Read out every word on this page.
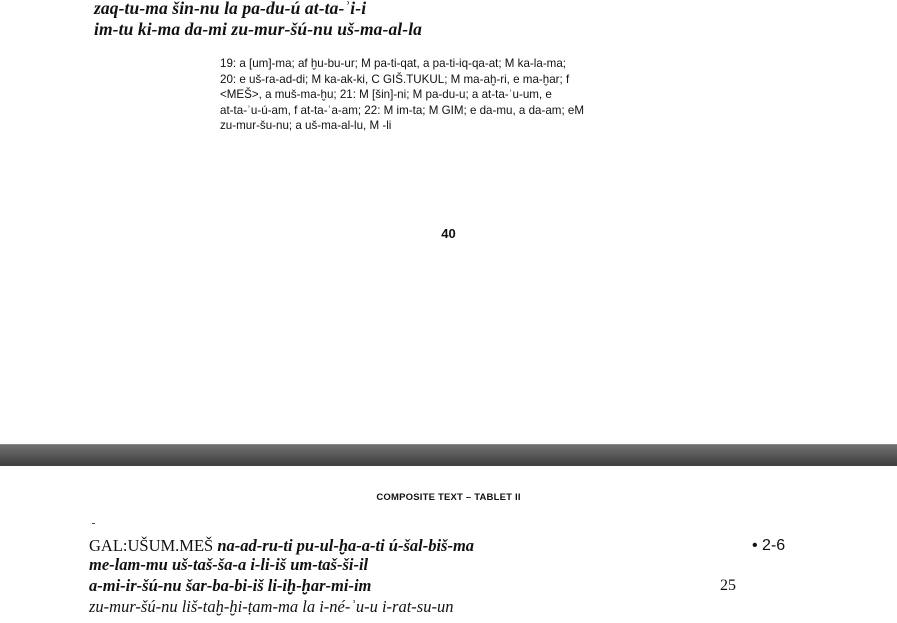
zaq-tu-ma šin-nu la pa-du-ú at-ta-ʾi-i
im-tu ki-ma da-mi zu-mur-šú-nu uš-ma-al-la
19: a [um]-ma; af ḫu-bu-ur; M pa-ti-qat, a pa-ti-iq-qa-at; M ka-la-ma;
20: e uš-ra-ad-di; M ka-ak-ki, C GIŠ.TUKUL; M ma-aḫ-ri, e ma-ḫar; f
<MEŠ>, a muš-ma-ḫu; 21: M [šin]-ni; M pa-du-u; a at-ta-ʾu-um, e
at-ta-ʾu-ú-am, f at-ta-ʾa-am; 22: M im-ta; M GIM; e da-mu, a da-am; eM
zu-mur-šu-nu; a uš-ma-al-lu, M -li
40
COMPOSITE TEXT – TABLET II
GAL:UŠUM.MEŠ na-ad-ru-ti pu-ul-ḫa-a-ti ú-šal-biš-ma
me-lam-mu uš-taš-ša-a i-li-iš um-taš-ši-il
a-mi-ir-šú-nu šar-ba-bi-iš li-iḫ-ḫar-mi-im
zu-mur-šú-nu liš-taḫ-ḫi-ṭam-ma la i-né-ʾu-u i-rat-su-un
• 2-6
25
